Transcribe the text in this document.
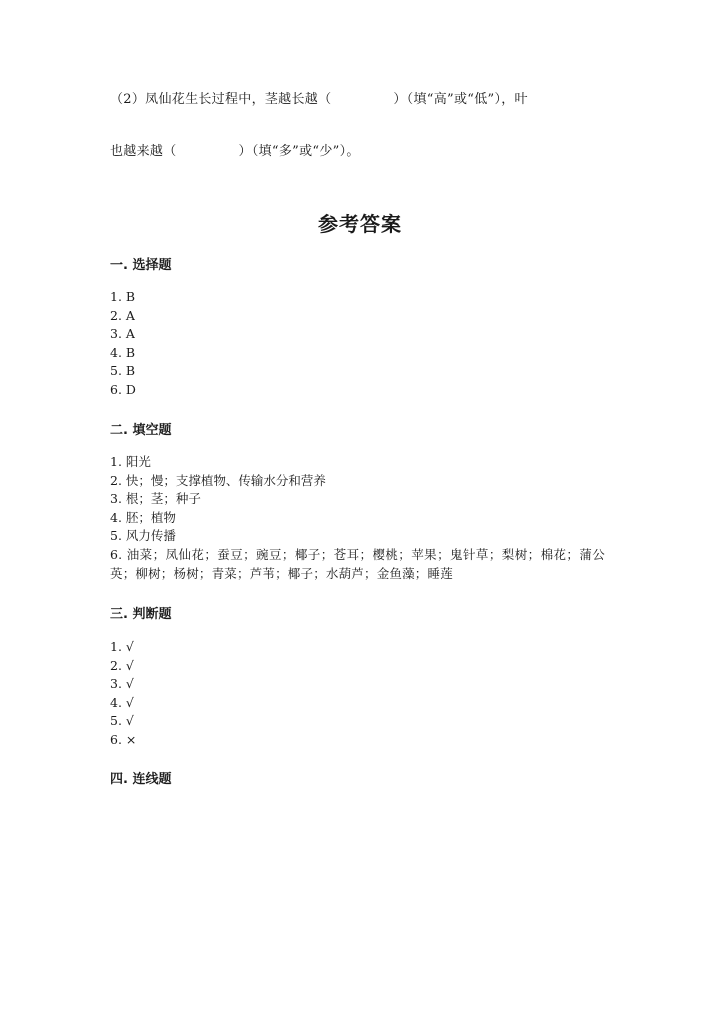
（2）凤仙花生长过程中，茎越长越（	）（填“高”或“低”），叶
也越来越（	）（填“多”或“少”）。
参考答案
一. 选择题
1. B
2. A
3. A
4. B
5. B
6. D
二. 填空题
1. 阳光
2. 快；慢；支撑植物、传输水分和营养
3. 根；茎；种子
4. 胚；植物
5. 风力传播
6. 油菜；凤仙花；蚕豆；豌豆；椰子；苍耳；樱桃；苹果；鬼针草；梨树；棉花；蒲公英；柳树；杨树；青菜；芦苇；椰子；水葫芦；金鱼藻；睡莲
三. 判断题
1. √
2. √
3. √
4. √
5. √
6. ×
四. 连线题
